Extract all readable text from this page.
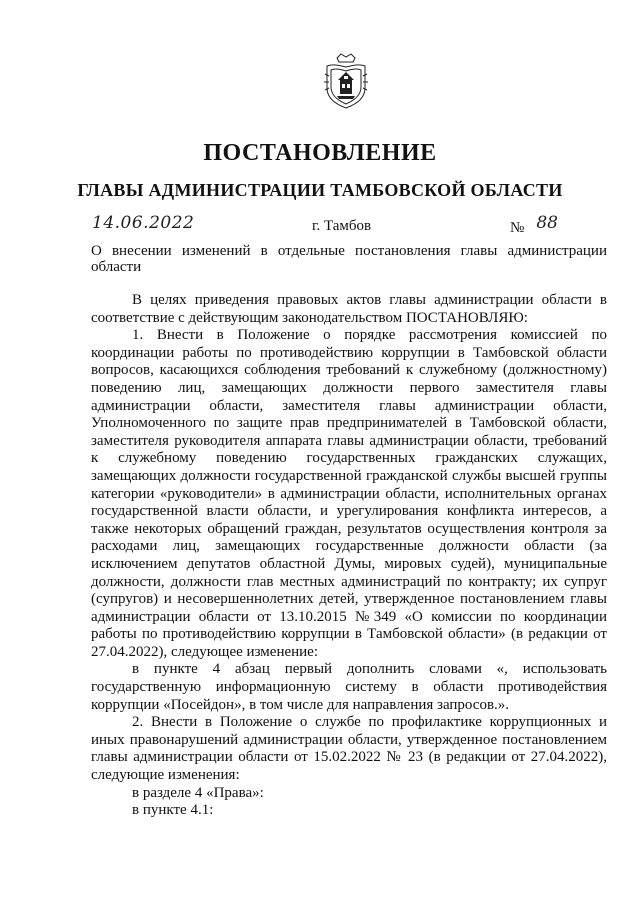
ПОСТАНОВЛЕНИЕ
ГЛАВЫ АДМИНИСТРАЦИИ ТАМБОВСКОЙ ОБЛАСТИ
14.06.2022	г. Тамбов	№ 88
О внесении изменений в отдельные постановления главы администрации области

В целях приведения правовых актов главы администрации области в соответствие с действующим законодательством ПОСТАНОВЛЯЮ:

1. Внести в Положение о порядке рассмотрения комиссией по координации работы по противодействию коррупции в Тамбовской области вопросов, касающихся соблюдения требований к служебному (должностному) поведению лиц, замещающих должности первого заместителя главы администрации области, заместителя главы администрации области, Уполномоченного по защите прав предпринимателей в Тамбовской области, заместителя руководителя аппарата главы администрации области, требований к служебному поведению государственных гражданских служащих, замещающих должности государственной гражданской службы высшей группы категории «руководители» в администрации области, исполнительных органах государственной власти области, и урегулирования конфликта интересов, а также некоторых обращений граждан, результатов осуществления контроля за расходами лиц, замещающих государственные должности области (за исключением депутатов областной Думы, мировых судей), муниципальные должности, должности глав местных администраций по контракту; их супруг (супругов) и несовершеннолетних детей, утвержденное постановлением главы администрации области от 13.10.2015 №349 «О комиссии по координации работы по противодействию коррупции в Тамбовской области» (в редакции от 27.04.2022), следующее изменение:

в пункте 4 абзац первый дополнить словами «, использовать государственную информационную систему в области противодействия коррупции «Посейдон», в том числе для направления запросов.».

2. Внести в Положение о службе по профилактике коррупционных и иных правонарушений администрации области, утвержденное постановлением главы администрации области от 15.02.2022 № 23 (в редакции от 27.04.2022), следующие изменения:

в разделе 4 «Права»:

в пункте 4.1:
